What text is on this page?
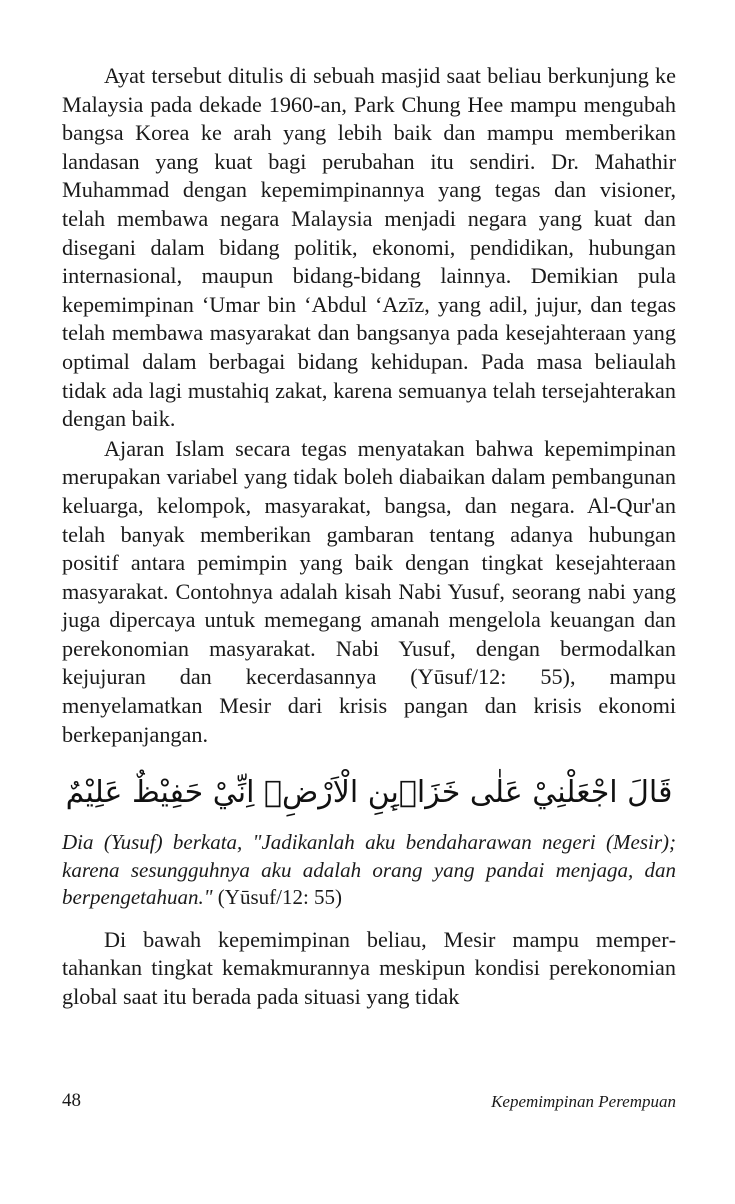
Ayat tersebut ditulis di sebuah masjid saat beliau berkunjung ke Malaysia pada dekade 1960-an, Park Chung Hee mampu mengubah bangsa Korea ke arah yang lebih baik dan mampu memberikan landasan yang kuat bagi perubahan itu sendiri. Dr. Mahathir Muhammad dengan kepemimpinannya yang tegas dan visioner, telah membawa negara Malaysia menjadi negara yang kuat dan disegani dalam bidang politik, ekonomi, pendidikan, hubungan internasional, maupun bidang-bidang lainnya. Demikian pula kepemimpinan ‘Umar bin ‘Abdul ‘Azīz, yang adil, jujur, dan tegas telah membawa masyarakat dan bangsanya pada kesejahteraan yang optimal dalam berbagai bidang kehidupan. Pada masa beliaulah tidak ada lagi mustahiq zakat, karena semuanya telah tersejahterakan dengan baik.

Ajaran Islam secara tegas menyatakan bahwa kepemimpinan merupakan variabel yang tidak boleh diabaikan dalam pembangunan keluarga, kelompok, masyarakat, bangsa, dan negara. Al-Qur'an telah banyak memberikan gambaran tentang adanya hubungan positif antara pemimpin yang baik dengan tingkat kesejahteraan masyarakat. Contohnya adalah kisah Nabi Yusuf, seorang nabi yang juga dipercaya untuk memegang amanah mengelola keuangan dan perekonomian masyarakat. Nabi Yusuf, dengan bermodalkan kejujuran dan kecerdasannya (Yūsuf/12: 55), mampu menyelamatkan Mesir dari krisis pangan dan krisis ekonomi berkepanjangan.

قَالَ اجْعَلْنِيْ عَلٰى خَزَاۤىِٕنِ الْاَرْضِۚ اِنِّيْ حَفِيْظٌ عَلِيْمٌ

Dia (Yusuf) berkata, "Jadikanlah aku bendaharawan negeri (Mesir); karena sesungguhnya aku adalah orang yang pandai menjaga, dan berpengetahuan." (Yūsuf/12: 55)

Di bawah kepemimpinan beliau, Mesir mampu mempertahankan tingkat kemakmurannya meskipun kondisi perekonomian global saat itu berada pada situasi yang tidak

48	Kepemimpinan Perempuan
